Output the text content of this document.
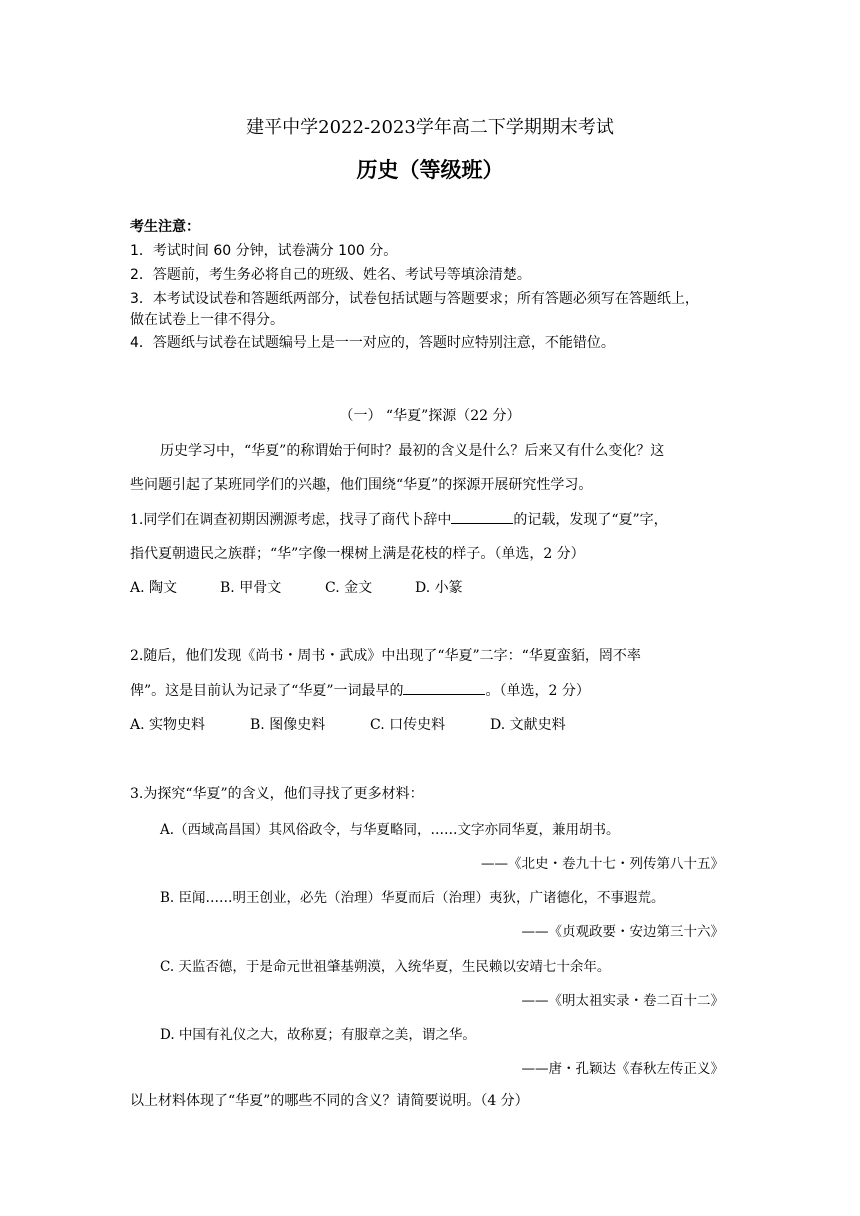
建平中学2022-2023学年高二下学期期末考试
历史（等级班）
考生注意：
1．考试时间 60 分钟，试卷满分 100 分。
2．答题前，考生务必将自己的班级、姓名、考试号等填涂清楚。
3．本考试设试卷和答题纸两部分，试卷包括试题与答题要求；所有答题必须写在答题纸上，
做在试卷上一律不得分。
4．答题纸与试卷在试题编号上是一一对应的，答题时应特别注意，不能错位。
（一） “华夏”探源（22 分）
历史学习中，“华夏”的称谓始于何时？最初的含义是什么？后来又有什么变化？这
些问题引起了某班同学们的兴趣，他们围绕“华夏”的探源开展研究性学习。
1.同学们在调查初期因溯源考虑，找寻了商代卜辞中	的记载，发现了“夏”字，
指代夏朝遗民之族群；“华”字像一棵树上满是花枝的样子。（单选，2 分）
A. 陶文	B. 甲骨文	C. 金文	D. 小篆
2.随后，他们发现《尚书・周书・武成》中出现了“华夏”二字：“华夏蛮貊，罔不率
俾”。这是目前认为记录了“华夏”一词最早的	。（单选，2 分）
A. 实物史料	B. 图像史料	C. 口传史料	D. 文献史料
3.为探究“华夏”的含义，他们寻找了更多材料：
A.（西域高昌国）其风俗政令，与华夏略同，……文字亦同华夏，兼用胡书。
——《北史・卷九十七・列传第八十五》
B. 臣闻……明王创业，必先（治理）华夏而后（治理）夷狄，广诸德化，不事遐荒。
——《贞观政要・安边第三十六》
C. 天监否德，于是命元世祖肇基朔漠，入统华夏，生民赖以安靖七十余年。
——《明太祖实录・卷二百十二》
D. 中国有礼仪之大，故称夏；有服章之美，谓之华。
——唐・孔颖达《春秋左传正义》
以上材料体现了“华夏”的哪些不同的含义？请简要说明。（4 分）
